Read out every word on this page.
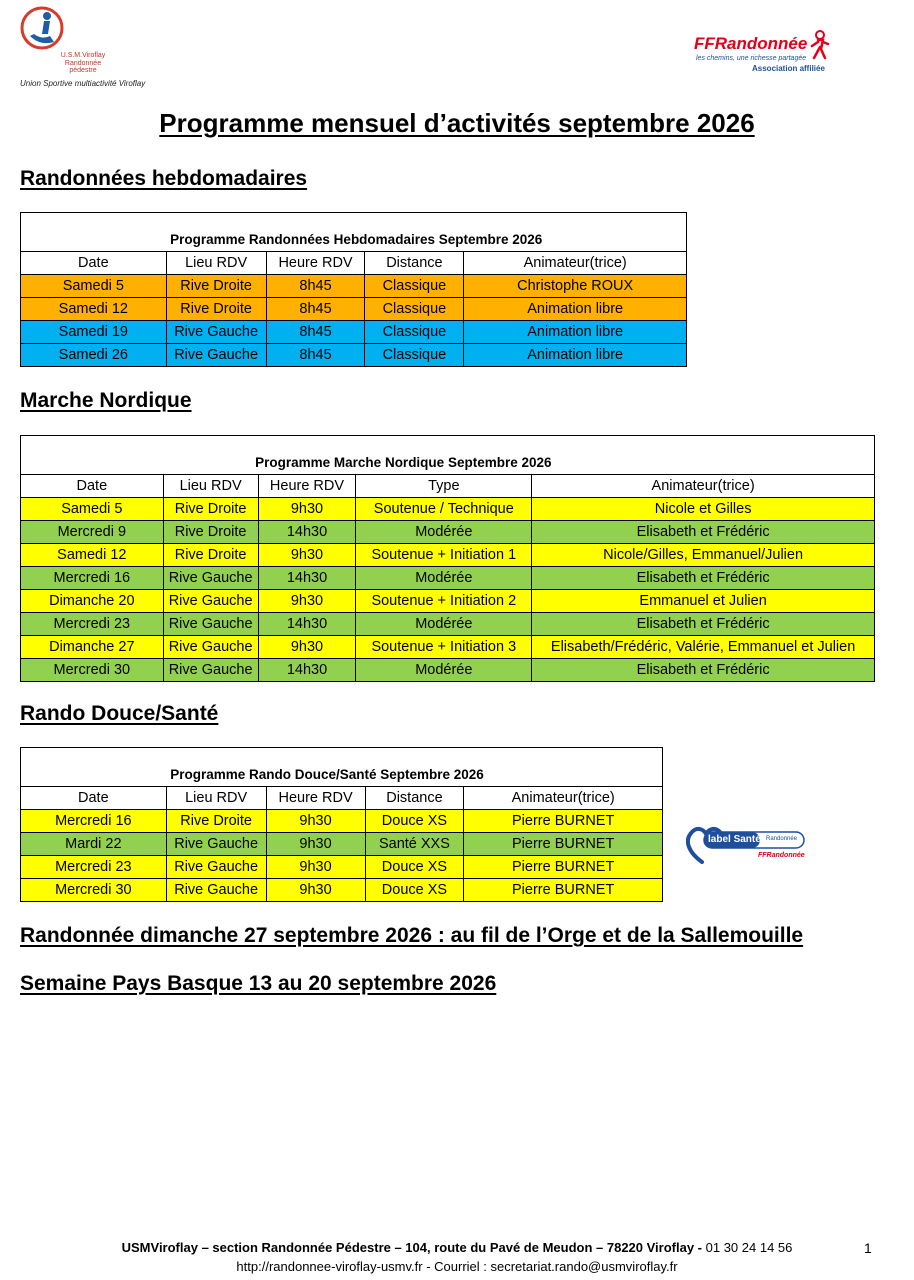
U.S.M.Viroflay
Randonnée
pédestre
Union Sportive multiactivité Viroflay
FFRandonnée
les chemins, une richesse partagée
Association affiliée
Programme mensuel d’activités septembre 2026
Randonnées hebdomadaires
	Programme Randonnées Hebdomadaires Septembre 2026			
Date	Lieu RDV	Heure RDV	Distance	Animateur(trice)
Samedi 5	Rive Droite	8h45	Classique	Christophe ROUX
Samedi 12	Rive Droite	8h45	Classique	Animation libre
Samedi 19	Rive Gauche	8h45	Classique	Animation libre
Samedi 26	Rive Gauche	8h45	Classique	Animation libre
Marche Nordique
	Programme Marche Nordique Septembre 2026			
Date	Lieu RDV	Heure RDV	Type	Animateur(trice)
Samedi 5	Rive Droite	9h30	Soutenue / Technique	Nicole et Gilles
Mercredi 9	Rive Droite	14h30	Modérée	Elisabeth et Frédéric
Samedi 12	Rive Droite	9h30	Soutenue + Initiation 1	Nicole/Gilles, Emmanuel/Julien
Mercredi 16	Rive Gauche	14h30	Modérée	Elisabeth et Frédéric
Dimanche 20	Rive Gauche	9h30	Soutenue + Initiation 2	Emmanuel et Julien
Mercredi 23	Rive Gauche	14h30	Modérée	Elisabeth et Frédéric
Dimanche 27	Rive Gauche	9h30	Soutenue + Initiation 3	Elisabeth/Frédéric, Valérie, Emmanuel et Julien
Mercredi 30	Rive Gauche	14h30	Modérée	Elisabeth et Frédéric
Rando Douce/Santé
	Programme Rando Douce/Santé Septembre 2026			
Date	Lieu RDV	Heure RDV	Distance	Animateur(trice)
Mercredi 16	Rive Droite	9h30	Douce XS	Pierre BURNET
Mardi 22	Rive Gauche	9h30	Santé XXS	Pierre BURNET
Mercredi 23	Rive Gauche	9h30	Douce XS	Pierre BURNET
Mercredi 30	Rive Gauche	9h30	Douce XS	Pierre BURNET
label Santé Randonnée
FFRandonnée
Randonnée dimanche 27 septembre 2026 : au fil de l’Orge et de la Sallemouille
Semaine Pays Basque 13 au 20 septembre 2026
USMViroflay – section Randonnée Pédestre – 104, route du Pavé de Meudon – 78220 Viroflay - 01 30 24 14 56
http://randonnee-viroflay-usmv.fr - Courriel : secretariat.rando@usmviroflay.fr
1
